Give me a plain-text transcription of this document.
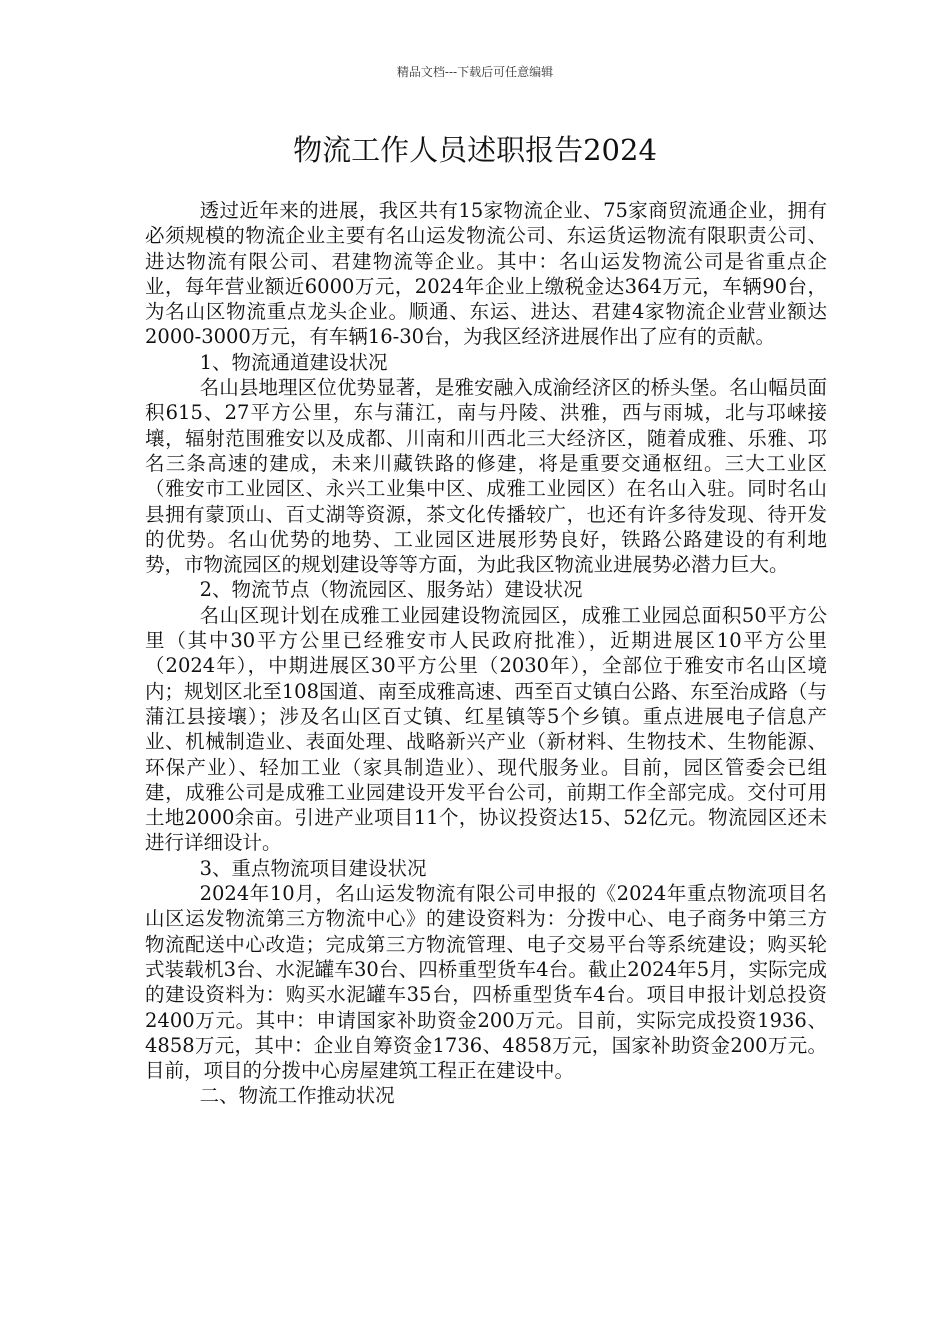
精品文档---下载后可任意编辑
物流工作人员述职报告2024

透过近年来的进展，我区共有15家物流企业、75家商贸流通企业，拥有必须规模的物流企业主要有名山运发物流公司、东运货运物流有限职责公司、进达物流有限公司、君建物流等企业。其中：名山运发物流公司是省重点企业，每年营业额近6000万元，2024年企业上缴税金达364万元，车辆90台，为名山区物流重点龙头企业。顺通、东运、进达、君建4家物流企业营业额达2000-3000万元，有车辆16-30台，为我区经济进展作出了应有的贡献。

1、物流通道建设状况

名山县地理区位优势显著，是雅安融入成渝经济区的桥头堡。名山幅员面积615、27平方公里，东与蒲江，南与丹陵、洪雅，西与雨城，北与邛崃接壤，辐射范围雅安以及成都、川南和川西北三大经济区，随着成雅、乐雅、邛名三条高速的建成，未来川藏铁路的修建，将是重要交通枢纽。三大工业区（雅安市工业园区、永兴工业集中区、成雅工业园区）在名山入驻。同时名山县拥有蒙顶山、百丈湖等资源，茶文化传播较广，也还有许多待发现、待开发的优势。名山优势的地势、工业园区进展形势良好，铁路公路建设的有利地势，市物流园区的规划建设等等方面，为此我区物流业进展势必潜力巨大。

2、物流节点（物流园区、服务站）建设状况

名山区现计划在成雅工业园建设物流园区，成雅工业园总面积50平方公里（其中30平方公里已经雅安市人民政府批准），近期进展区10平方公里（2024年），中期进展区30平方公里（2030年），全部位于雅安市名山区境内；规划区北至108国道、南至成雅高速、西至百丈镇白公路、东至治成路（与蒲江县接壤）；涉及名山区百丈镇、红星镇等5个乡镇。重点进展电子信息产业、机械制造业、表面处理、战略新兴产业（新材料、生物技术、生物能源、环保产业）、轻加工业（家具制造业）、现代服务业。目前，园区管委会已组建，成雅公司是成雅工业园建设开发平台公司，前期工作全部完成。交付可用土地2000余亩。引进产业项目11个，协议投资达15、52亿元。物流园区还未进行详细设计。

3、重点物流项目建设状况

2024年10月，名山运发物流有限公司申报的《2024年重点物流项目名山区运发物流第三方物流中心》的建设资料为：分拨中心、电子商务中第三方物流配送中心改造；完成第三方物流管理、电子交易平台等系统建设；购买轮式装载机3台、水泥罐车30台、四桥重型货车4台。截止2024年5月，实际完成的建设资料为：购买水泥罐车35台，四桥重型货车4台。项目申报计划总投资2400万元。其中：申请国家补助资金200万元。目前，实际完成投资1936、4858万元，其中：企业自筹资金1736、4858万元，国家补助资金200万元。目前，项目的分拨中心房屋建筑工程正在建设中。

二、物流工作推动状况
